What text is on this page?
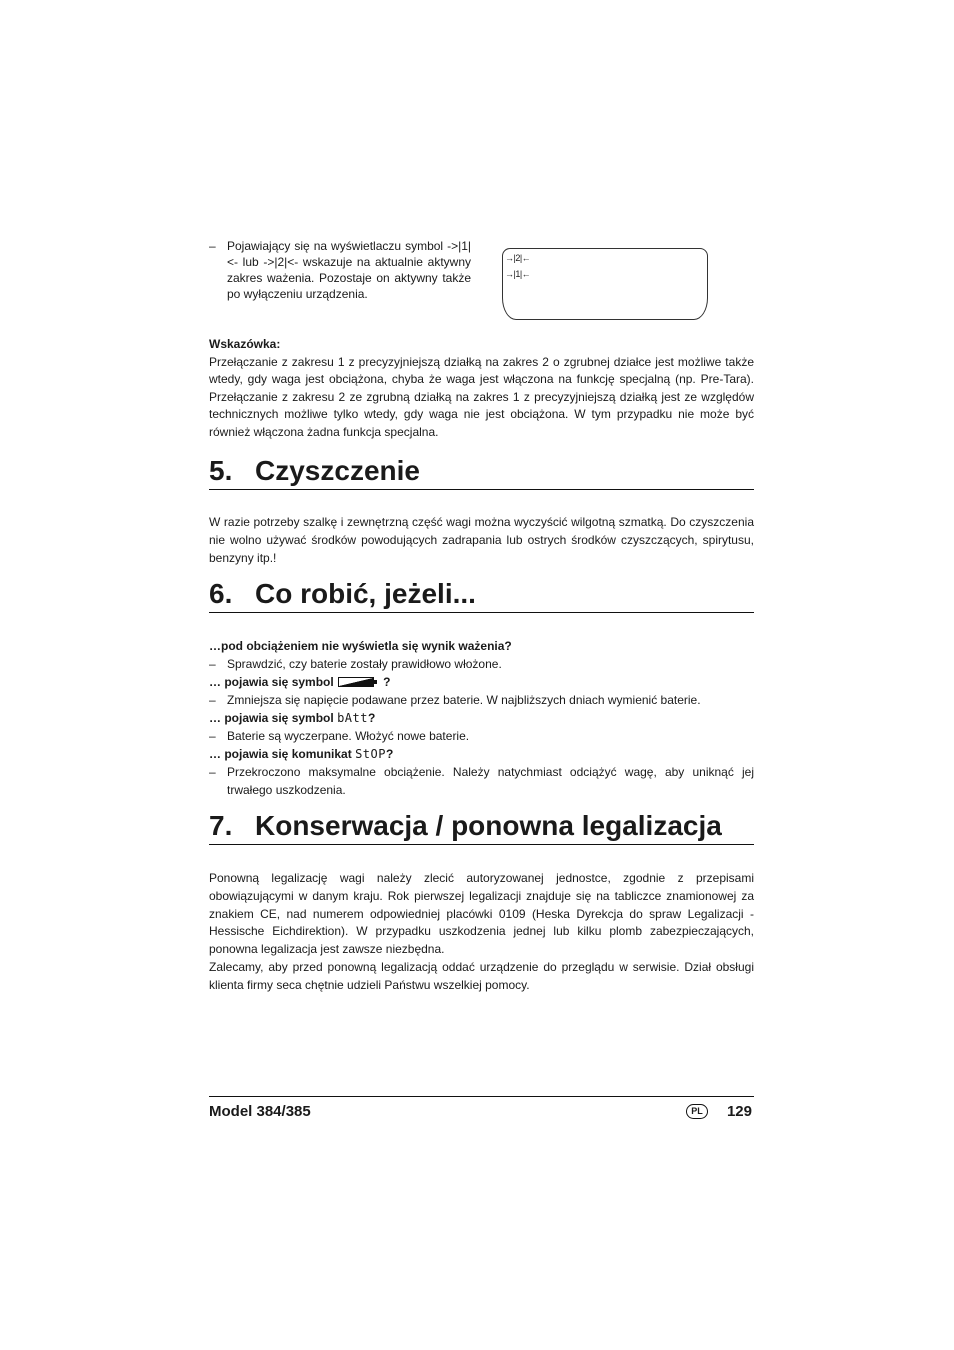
– Pojawiający się na wyświetlaczu symbol ->|1|<- lub ->|2|<- wskazuje na aktualnie aktywny zakres ważenia. Pozostaje on aktywny także po wyłączeniu urządzenia.
→|2|←
→|1|←
Wskazówka:
Przełączanie z zakresu 1 z precyzyjniejszą działką na zakres 2 o zgrubnej działce jest możliwe także wtedy, gdy waga jest obciążona, chyba że waga jest włączona na funkcję specjalną (np. Pre-Tara). Przełączanie z zakresu 2 ze zgrubną działką na zakres 1 z precyzyjniejszą działką jest ze względów technicznych możliwe tylko wtedy, gdy waga nie jest obciążona. W tym przypadku nie może być również włączona żadna funkcja specjalna.
5. Czyszczenie
W razie potrzeby szalkę i zewnętrzną część wagi można wyczyścić wilgotną szmatką. Do czyszczenia nie wolno używać środków powodujących zadrapania lub ostrych środków czyszczących, spirytusu, benzyny itp.!
6. Co robić, jeżeli...
…pod obciążeniem nie wyświetla się wynik ważenia?
– Sprawdzić, czy baterie zostały prawidłowo włożone.
… pojawia się symbol	?
– Zmniejsza się napięcie podawane przez baterie. W najbliższych dniach wymienić baterie.
… pojawia się symbol bAtt?
– Baterie są wyczerpane. Włożyć nowe baterie.
… pojawia się komunikat StOP?
– Przekroczono maksymalne obciążenie. Należy natychmiast odciążyć wagę, aby uniknąć jej trwałego uszkodzenia.
7. Konserwacja / ponowna legalizacja
Ponowną legalizację wagi należy zlecić autoryzowanej jednostce, zgodnie z przepisami obowiązującymi w danym kraju. Rok pierwszej legalizacji znajduje się na tabliczce znamionowej za znakiem CE, nad numerem odpowiedniej placówki 0109 (Heska Dyrekcja do spraw Legalizacji - Hessische Eichdirektion). W przypadku uszkodzenia jednej lub kilku plomb zabezpieczających, ponowna legalizacja jest zawsze niezbędna.
Zalecamy, aby przed ponowną legalizacją oddać urządzenie do przeglądu w serwisie. Dział obsługi klienta firmy seca chętnie udzieli Państwu wszelkiej pomocy.
Model 384/385	PL	129
